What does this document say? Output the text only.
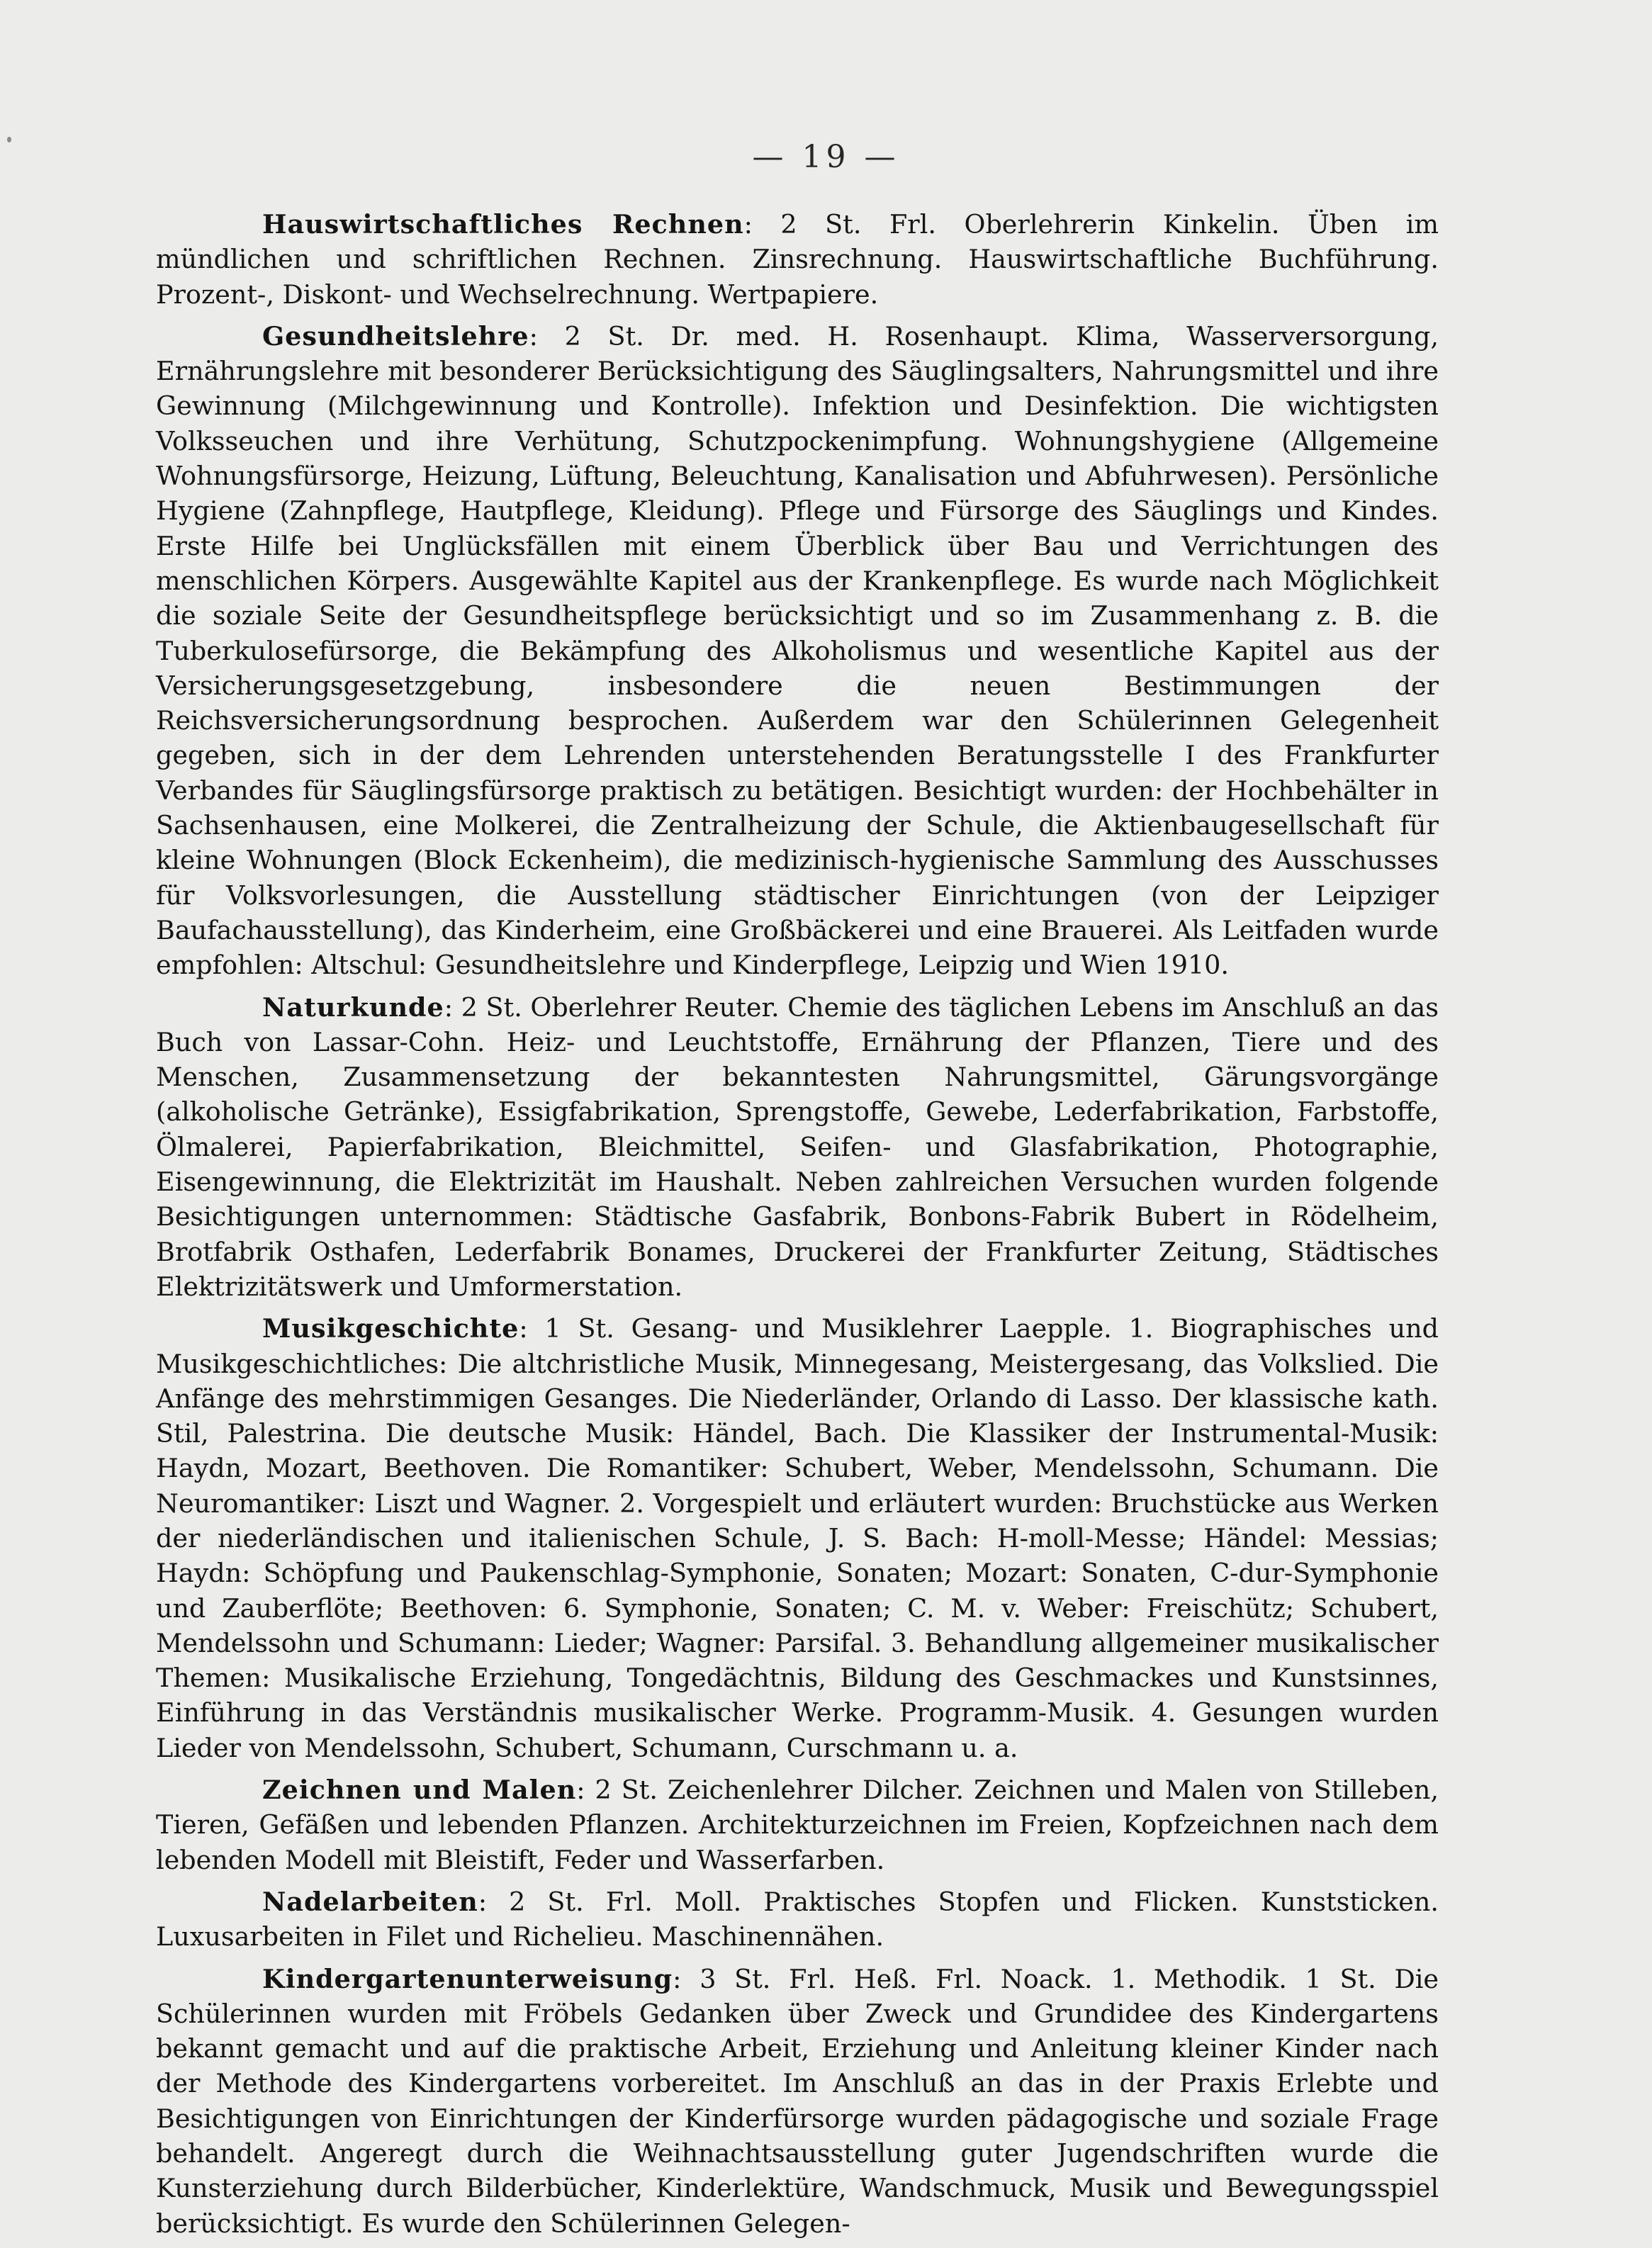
— 19 —

Hauswirtschaftliches Rechnen: 2 St. Frl. Oberlehrerin Kinkelin. Üben im mündlichen und schriftlichen Rechnen. Zinsrechnung. Hauswirtschaftliche Buchführung. Prozent-, Diskont- und Wechselrechnung. Wertpapiere.

Gesundheitslehre: 2 St. Dr. med. H. Rosenhaupt. Klima, Wasserversorgung, Ernährungslehre mit besonderer Berücksichtigung des Säuglingsalters, Nahrungsmittel und ihre Gewinnung (Milchgewinnung und Kontrolle). Infektion und Desinfektion. Die wichtigsten Volksseuchen und ihre Verhütung, Schutzpockenimpfung. Wohnungshygiene (Allgemeine Wohnungsfürsorge, Heizung, Lüftung, Beleuchtung, Kanalisation und Abfuhrwesen). Persönliche Hygiene (Zahnpflege, Hautpflege, Kleidung). Pflege und Fürsorge des Säuglings und Kindes. Erste Hilfe bei Unglücksfällen mit einem Überblick über Bau und Verrichtungen des menschlichen Körpers. Ausgewählte Kapitel aus der Krankenpflege. Es wurde nach Möglichkeit die soziale Seite der Gesundheitspflege berücksichtigt und so im Zusammenhang z. B. die Tuberkulosefürsorge, die Bekämpfung des Alkoholismus und wesentliche Kapitel aus der Versicherungsgesetzgebung, insbesondere die neuen Bestimmungen der Reichsversicherungsordnung besprochen. Außerdem war den Schülerinnen Gelegenheit gegeben, sich in der dem Lehrenden unterstehenden Beratungsstelle I des Frankfurter Verbandes für Säuglingsfürsorge praktisch zu betätigen. Besichtigt wurden: der Hochbehälter in Sachsenhausen, eine Molkerei, die Zentralheizung der Schule, die Aktienbaugesellschaft für kleine Wohnungen (Block Eckenheim), die medizinisch-hygienische Sammlung des Ausschusses für Volksvorlesungen, die Ausstellung städtischer Einrichtungen (von der Leipziger Baufachausstellung), das Kinderheim, eine Großbäckerei und eine Brauerei. Als Leitfaden wurde empfohlen: Altschul: Gesundheitslehre und Kinderpflege, Leipzig und Wien 1910.

Naturkunde: 2 St. Oberlehrer Reuter. Chemie des täglichen Lebens im Anschluß an das Buch von Lassar-Cohn. Heiz- und Leuchtstoffe, Ernährung der Pflanzen, Tiere und des Menschen, Zusammensetzung der bekanntesten Nahrungsmittel, Gärungsvorgänge (alkoholische Getränke), Essigfabrikation, Sprengstoffe, Gewebe, Lederfabrikation, Farbstoffe, Ölmalerei, Papierfabrikation, Bleichmittel, Seifen- und Glasfabrikation, Photographie, Eisengewinnung, die Elektrizität im Haushalt. Neben zahlreichen Versuchen wurden folgende Besichtigungen unternommen: Städtische Gasfabrik, Bonbons-Fabrik Bubert in Rödelheim, Brotfabrik Osthafen, Lederfabrik Bonames, Druckerei der Frankfurter Zeitung, Städtisches Elektrizitätswerk und Umformerstation.

Musikgeschichte: 1 St. Gesang- und Musiklehrer Laepple. 1. Biographisches und Musikgeschichtliches: Die altchristliche Musik, Minnegesang, Meistergesang, das Volkslied. Die Anfänge des mehrstimmigen Gesanges. Die Niederländer, Orlando di Lasso. Der klassische kath. Stil, Palestrina. Die deutsche Musik: Händel, Bach. Die Klassiker der Instrumental-Musik: Haydn, Mozart, Beethoven. Die Romantiker: Schubert, Weber, Mendelssohn, Schumann. Die Neuromantiker: Liszt und Wagner. 2. Vorgespielt und erläutert wurden: Bruchstücke aus Werken der niederländischen und italienischen Schule, J. S. Bach: H-moll-Messe; Händel: Messias; Haydn: Schöpfung und Paukenschlag-Symphonie, Sonaten; Mozart: Sonaten, C-dur-Symphonie und Zauberflöte; Beethoven: 6. Symphonie, Sonaten; C. M. v. Weber: Freischütz; Schubert, Mendelssohn und Schumann: Lieder; Wagner: Parsifal. 3. Behandlung allgemeiner musikalischer Themen: Musikalische Erziehung, Tongedächtnis, Bildung des Geschmackes und Kunstsinnes, Einführung in das Verständnis musikalischer Werke. Programm-Musik. 4. Gesungen wurden Lieder von Mendelssohn, Schubert, Schumann, Curschmann u. a.

Zeichnen und Malen: 2 St. Zeichenlehrer Dilcher. Zeichnen und Malen von Stilleben, Tieren, Gefäßen und lebenden Pflanzen. Architekturzeichnen im Freien, Kopfzeichnen nach dem lebenden Modell mit Bleistift, Feder und Wasserfarben.

Nadelarbeiten: 2 St. Frl. Moll. Praktisches Stopfen und Flicken. Kunststicken. Luxusarbeiten in Filet und Richelieu. Maschinennähen.

Kindergartenunterweisung: 3 St. Frl. Heß. Frl. Noack. 1. Methodik. 1 St. Die Schülerinnen wurden mit Fröbels Gedanken über Zweck und Grundidee des Kindergartens bekannt gemacht und auf die praktische Arbeit, Erziehung und Anleitung kleiner Kinder nach der Methode des Kindergartens vorbereitet. Im Anschluß an das in der Praxis Erlebte und Besichtigungen von Einrichtungen der Kinderfürsorge wurden pädagogische und soziale Frage behandelt. Angeregt durch die Weihnachtsausstellung guter Jugendschriften wurde die Kunsterziehung durch Bilderbücher, Kinderlektüre, Wandschmuck, Musik und Bewegungsspiel berücksichtigt. Es wurde den Schülerinnen Gelegen-
